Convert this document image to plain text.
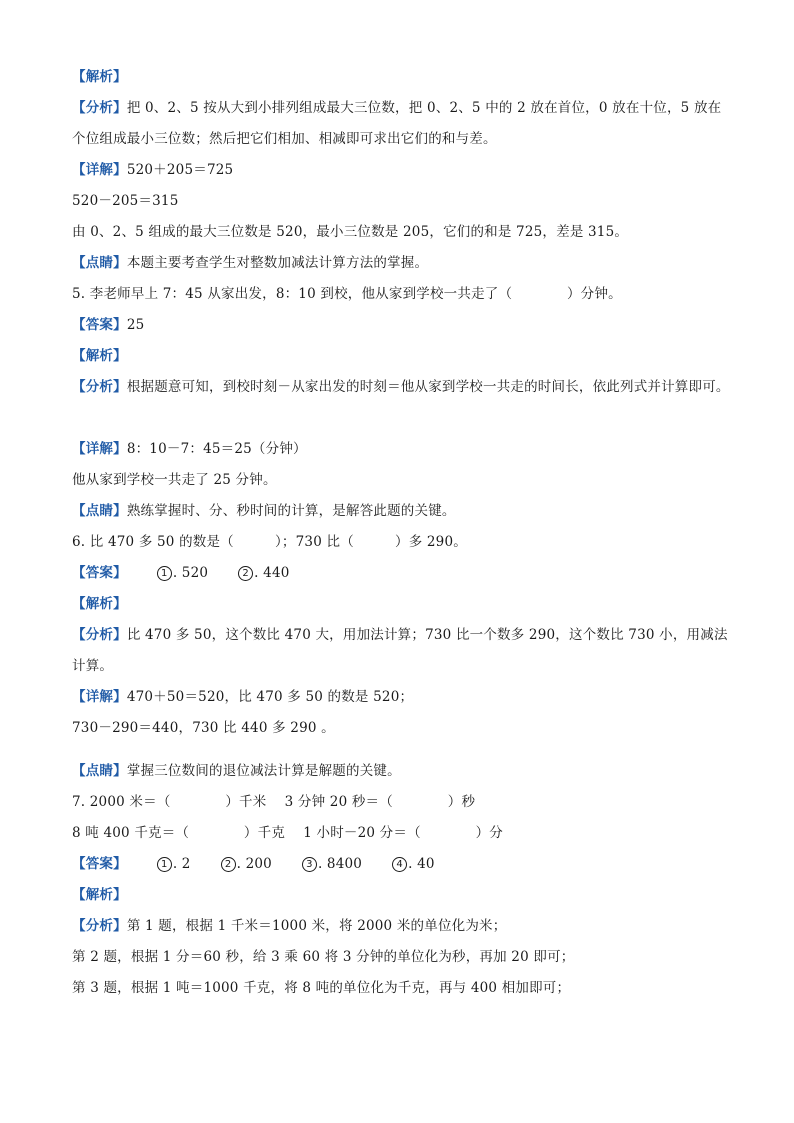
【解析】
【分析】把 0、2、5 按从大到小排列组成最大三位数，把 0、2、5 中的 2 放在首位，0 放在十位，5 放在个位组成最小三位数；然后把它们相加、相减即可求出它们的和与差。
【详解】520＋205＝725
520－205＝315
由 0、2、5 组成的最大三位数是 520，最小三位数是 205，它们的和是 725，差是 315。
【点睛】本题主要考查学生对整数加减法计算方法的掌握。
5. 李老师早上 7：45 从家出发，8：10 到校，他从家到学校一共走了（　　　　）分钟。
【答案】25
【解析】
【分析】根据题意可知，到校时刻－从家出发的时刻＝他从家到学校一共走的时间长，依此列式并计算即可。
【详解】8：10－7：45＝25（分钟）
他从家到学校一共走了 25 分钟。
【点睛】熟练掌握时、分、秒时间的计算，是解答此题的关键。
6. 比 470 多 50 的数是（　　　）；730 比（　　　）多 290。
【答案】	1 . 520	2 . 440
【解析】
【分析】比 470 多 50，这个数比 470 大，用加法计算；730 比一个数多 290，这个数比 730 小，用减法计算。
【详解】470＋50＝520，比 470 多 50 的数是 520；
730－290＝440，730 比 440 多 290 。
【点睛】掌握三位数间的退位减法计算是解题的关键。
7. 2000 米＝（　　　　）千米　 3 分钟 20 秒＝（　　　　）秒
8 吨 400 千克＝（　　　　）千克　 1 小时－20 分＝（　　　　）分
【答案】	1 . 2	2 . 200	3 . 8400	4 . 40
【解析】
【分析】第 1 题，根据 1 千米＝1000 米，将 2000 米的单位化为米；
第 2 题，根据 1 分＝60 秒，给 3 乘 60 将 3 分钟的单位化为秒，再加 20 即可；
第 3 题，根据 1 吨＝1000 千克，将 8 吨的单位化为千克，再与 400 相加即可；
